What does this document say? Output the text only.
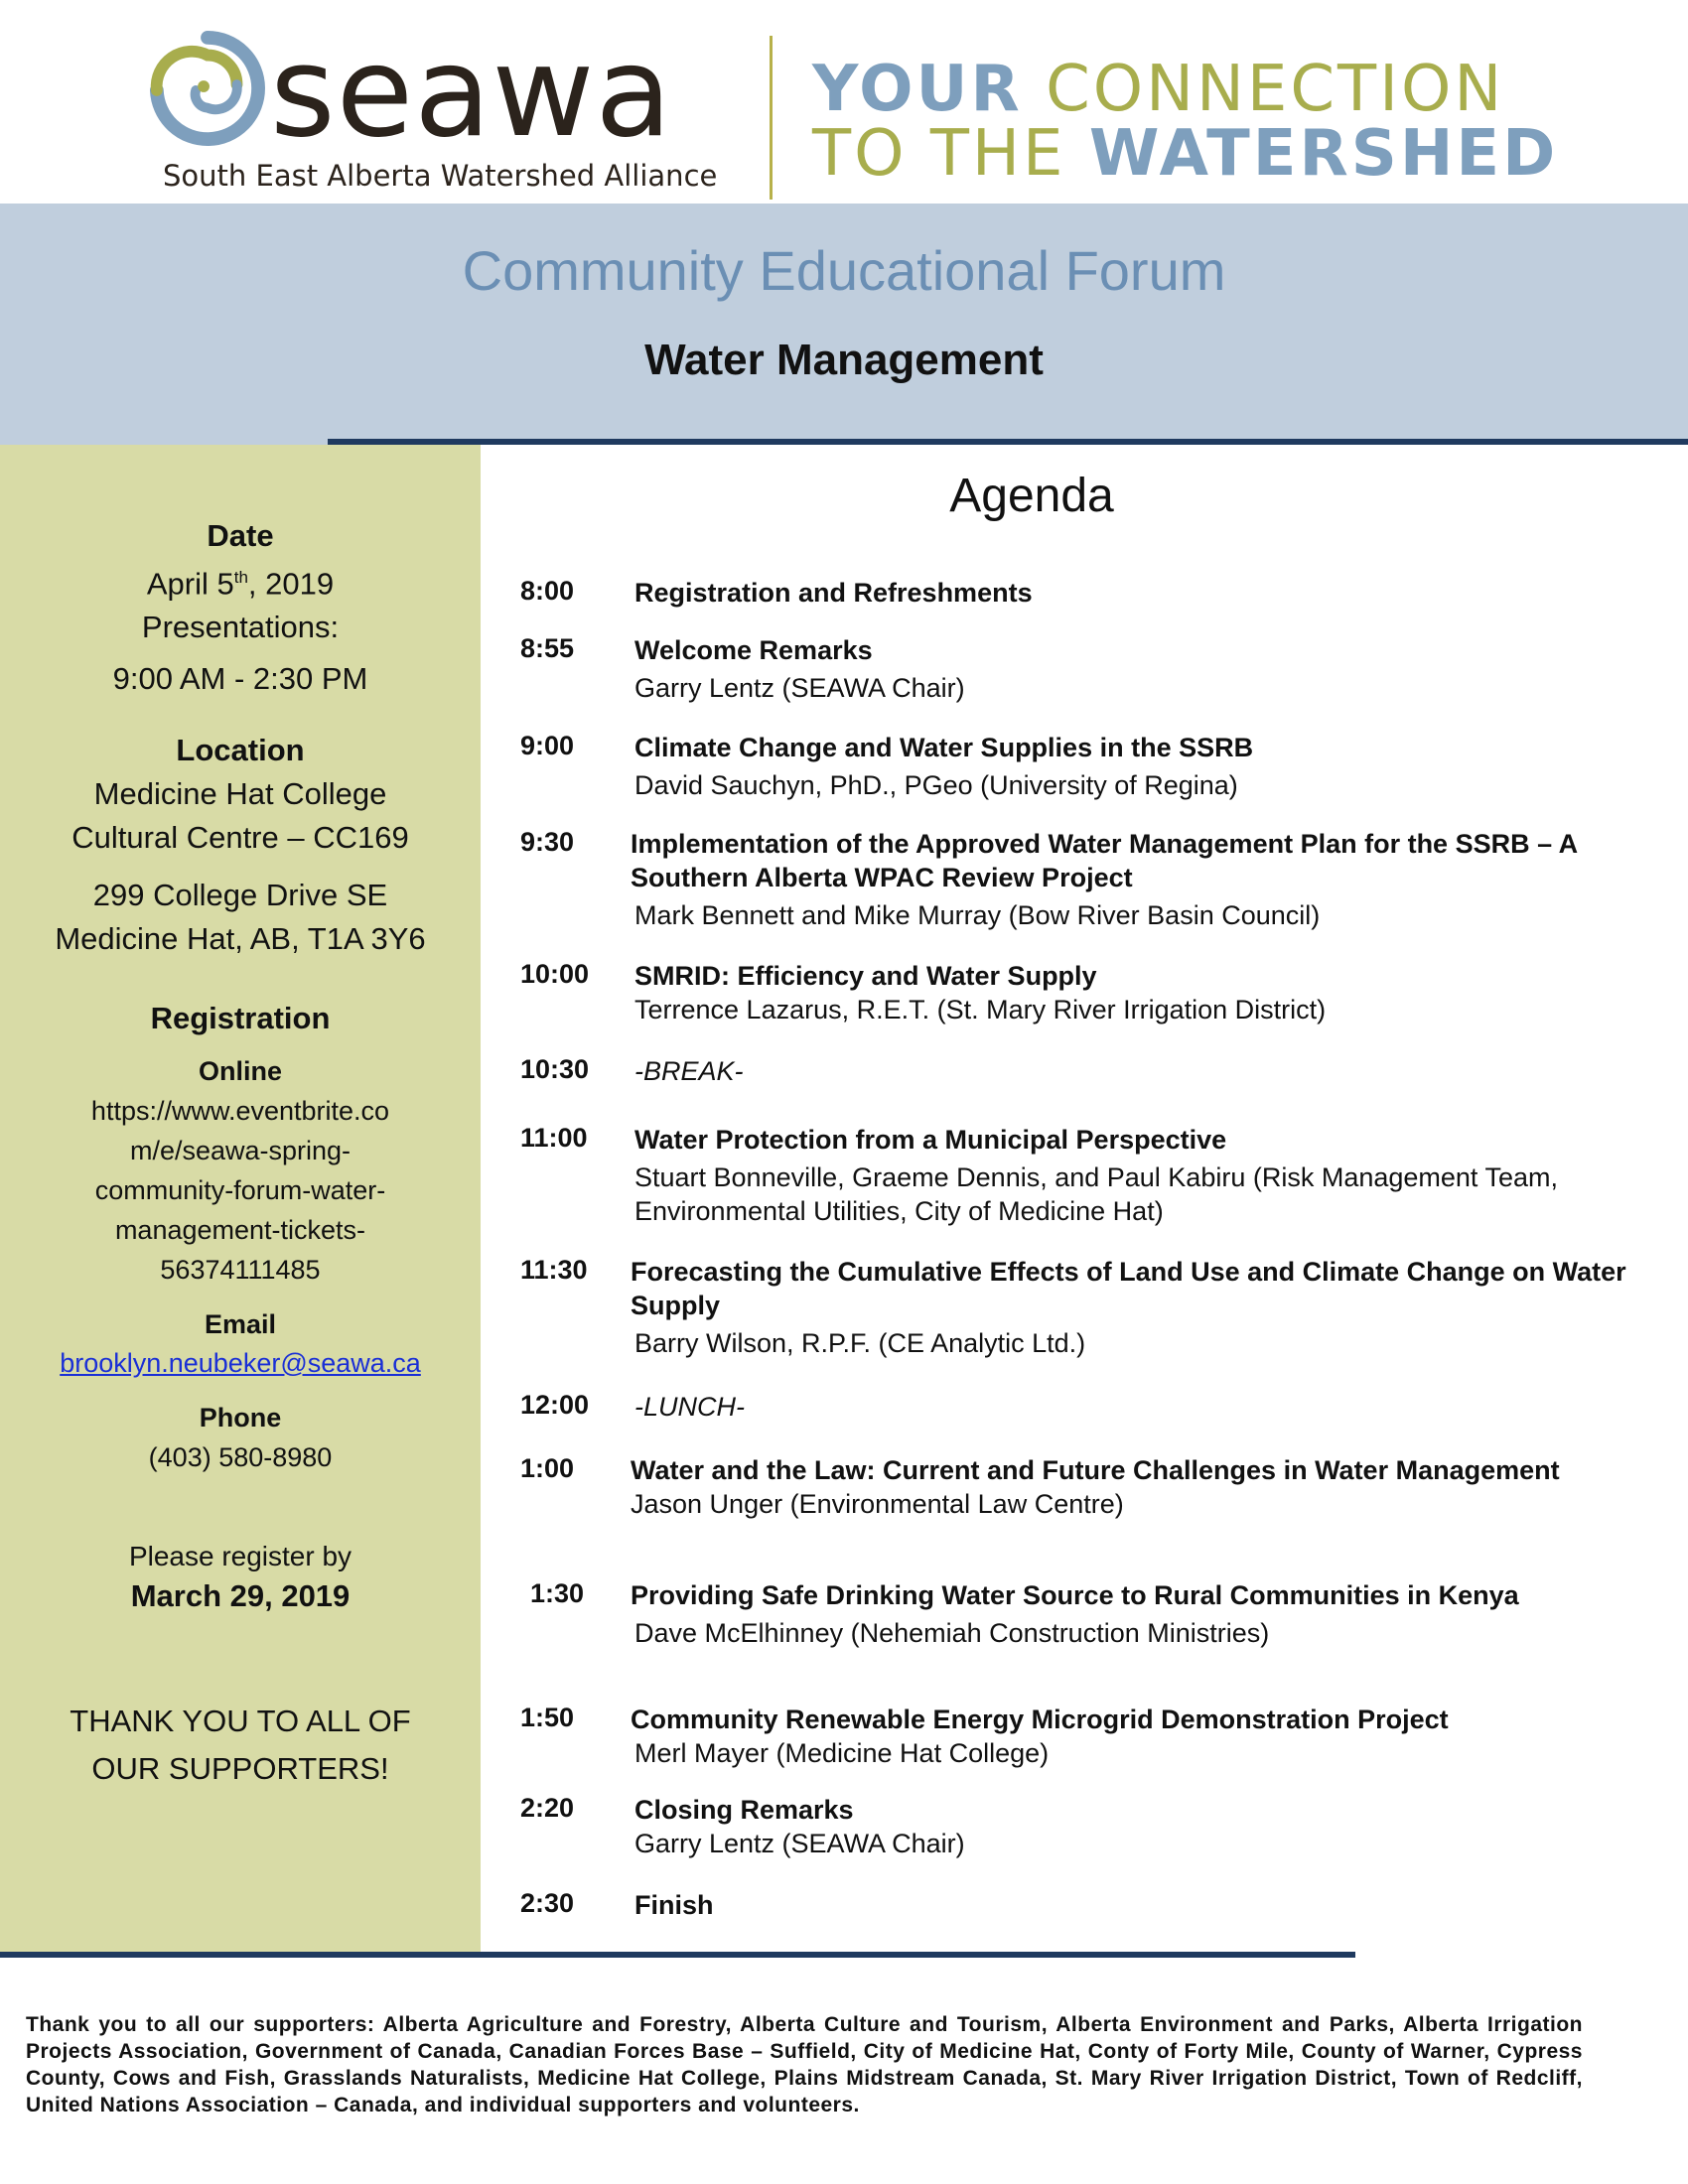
seawa
South East Alberta Watershed Alliance
YOUR CONNECTION
TO THE WATERSHED
Community Educational Forum
Water Management
Date
April 5th, 2019
Presentations:
9:00 AM - 2:30 PM
Location
Medicine Hat College
Cultural Centre – CC169
299 College Drive SE
Medicine Hat, AB, T1A 3Y6
Registration
Online
https://www.eventbrite.co
m/e/seawa-spring-
community-forum-water-
management-tickets-
56374111485
Email
brooklyn.neubeker@seawa.ca
Phone
(403) 580-8980
Please register by
March 29, 2019
THANK YOU TO ALL OF
OUR SUPPORTERS!
Agenda
8:00 Registration and Refreshments
8:55 Welcome Remarks
Garry Lentz (SEAWA Chair)
9:00 Climate Change and Water Supplies in the SSRB
David Sauchyn, PhD., PGeo (University of Regina)
9:30 Implementation of the Approved Water Management Plan for the SSRB – A Southern Alberta WPAC Review Project
Mark Bennett and Mike Murray (Bow River Basin Council)
10:00 SMRID: Efficiency and Water Supply
Terrence Lazarus, R.E.T. (St. Mary River Irrigation District)
10:30 -BREAK-
11:00 Water Protection from a Municipal Perspective
Stuart Bonneville, Graeme Dennis, and Paul Kabiru (Risk Management Team, Environmental Utilities, City of Medicine Hat)
11:30 Forecasting the Cumulative Effects of Land Use and Climate Change on Water Supply
Barry Wilson, R.P.F. (CE Analytic Ltd.)
12:00 -LUNCH-
1:00 Water and the Law: Current and Future Challenges in Water Management
Jason Unger (Environmental Law Centre)
1:30 Providing Safe Drinking Water Source to Rural Communities in Kenya
Dave McElhinney (Nehemiah Construction Ministries)
1:50 Community Renewable Energy Microgrid Demonstration Project
Merl Mayer (Medicine Hat College)
2:20 Closing Remarks
Garry Lentz (SEAWA Chair)
2:30 Finish
Thank you to all our supporters: Alberta Agriculture and Forestry, Alberta Culture and Tourism, Alberta Environment and Parks, Alberta Irrigation Projects Association, Government of Canada, Canadian Forces Base – Suffield, City of Medicine Hat, Conty of Forty Mile, County of Warner, Cypress County, Cows and Fish, Grasslands Naturalists, Medicine Hat College, Plains Midstream Canada, St. Mary River Irrigation District, Town of Redcliff, United Nations Association – Canada, and individual supporters and volunteers.
